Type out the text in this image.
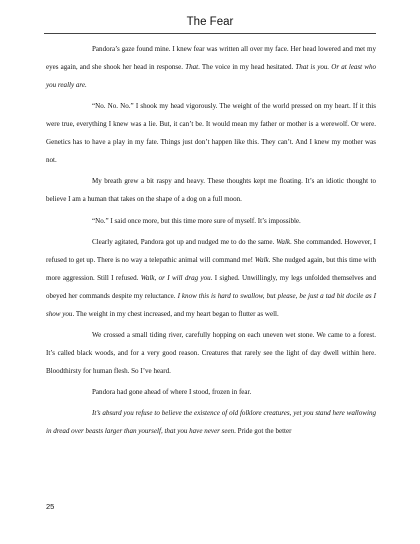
The Fear

Pandora’s gaze found mine. I knew fear was written all over my face. Her head lowered and met my eyes again, and she shook her head in response. That. The voice in my head hesitated. That is you. Or at least who you really are.

“No. No. No.” I shook my head vigorously. The weight of the world pressed on my heart. If it this were true, everything I knew was a lie. But, it can’t be. It would mean my father or mother is a werewolf. Or were. Genetics has to have a play in my fate. Things just don’t happen like this. They can’t. And I knew my mother was not.

My breath grew a bit raspy and heavy. These thoughts kept me floating. It’s an idiotic thought to believe I am a human that takes on the shape of a dog on a full moon.

“No.” I said once more, but this time more sure of myself. It’s impossible.

Clearly agitated, Pandora got up and nudged me to do the same. Walk. She commanded. However, I refused to get up. There is no way a telepathic animal will command me! Walk. She nudged again, but this time with more aggression. Still I refused. Walk, or I will drag you. I sighed. Unwillingly, my legs unfolded themselves and obeyed her commands despite my reluctance. I know this is hard to swallow, but please, be just a tad bit docile as I show you. The weight in my chest increased, and my heart began to flutter as well.

We crossed a small tiding river, carefully hopping on each uneven wet stone. We came to a forest. It’s called black woods, and for a very good reason. Creatures that rarely see the light of day dwell within here. Bloodthirsty for human flesh. So I’ve heard.

Pandora had gone ahead of where I stood, frozen in fear.

It’s absurd you refuse to believe the existence of old folklore creatures, yet you stand here wallowing in dread over beasts larger than yourself, that you have never seen. Pride got the better

25
